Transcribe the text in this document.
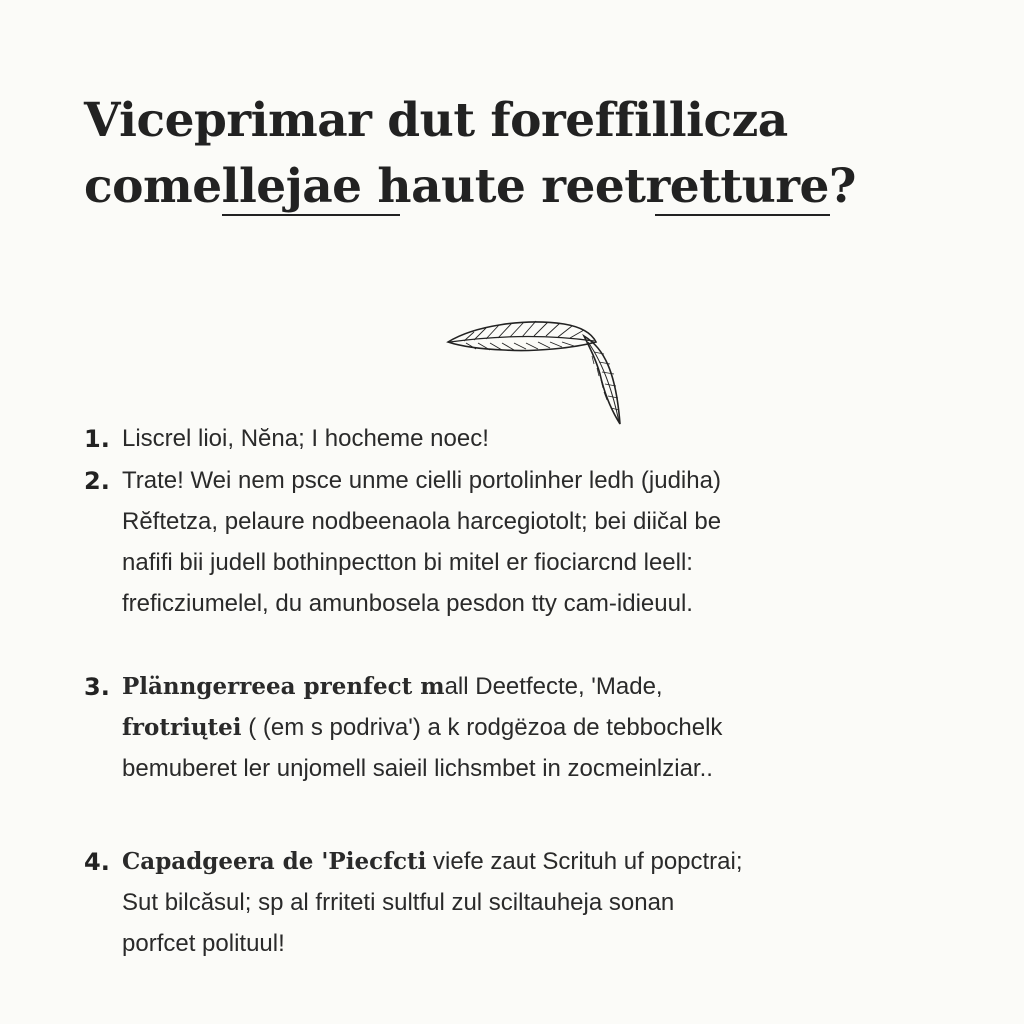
Viceprimar dut foreffillicza
comellejae haute reetretture?
1. Liscrel lioi, Nĕna; I hocheme noec!
2. Trate! Wei nem psce unme cielli portolinher ledh (judiha)
Rĕftetza, pelaure nodbeenaola harcegiotolt; bei diičal be
nafifi bii judell bothinpectton bi mitel er fiociarcnd leell:
freficziumelel, du amunbosela pesdon tty cam-idieuul.
3. Plänngerreea prenfect mall Deetfecte, 'Made,
frotriųtei ( (em s podriva') a k rodgëzoa de tebbochelk
bemuberet ler unjomell saieil lichsmbet in zocmeinlziar..
4. Capadgeera de 'Piecfcti viefe zaut Scrituh uf popctrai;
Sut bilcăsul; sp al frriteti sultful zul sciltauheja sonan
porfcet polituul!
